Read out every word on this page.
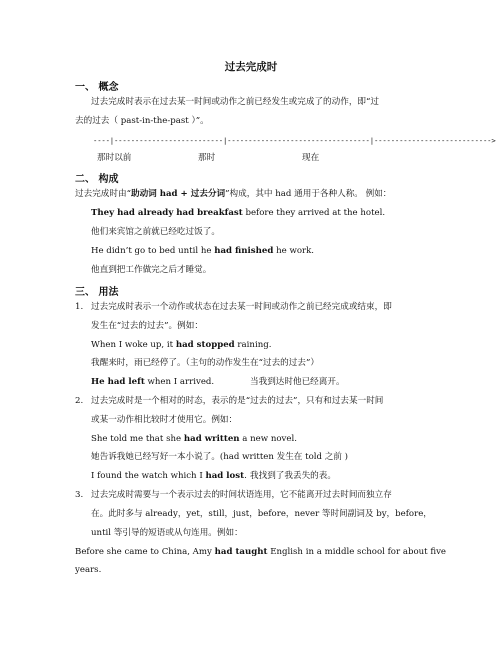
过去完成时
一、 概念
过去完成时表示在过去某一时间或动作之前已经发生或完成了的动作，即“过
去的过去（ past-in-the-past ）”。
----|--------------------------|----------------------------------|---------------------------->
那时以前	那时	现在
二、 构成
过去完成时由“助动词 had + 过去分词”构成，其中 had 通用于各种人称。 例如：
They had already had breakfast before they arrived at the hotel.
他们来宾馆之前就已经吃过饭了。
He didn’t go to bed until he had finished he work.
他直到把工作做完之后才睡觉。
三、 用法
1. 过去完成时表示一个动作或状态在过去某一时间或动作之前已经完成或结束，即
发生在“过去的过去”。例如：
When I woke up, it had stopped raining.
我醒来时，雨已经停了。（主句的动作发生在“过去的过去”）
He had left when I arrived.	当我到达时他已经离开。
2. 过去完成时是一个相对的时态，表示的是“过去的过去”，只有和过去某一时间
或某一动作相比较时才使用它。例如：
She told me that she had written a new novel.
她告诉我她已经写好一本小说了。(had written 发生在 told 之前 )
I found the watch which I had lost. 我找到了我丢失的表。
3. 过去完成时需要与一个表示过去的时间状语连用，它不能离开过去时间而独立存
在。此时多与 already，yet，still，just，before，never 等时间副词及 by，before，
until 等引导的短语或从句连用。例如：
Before she came to China, Amy had taught English in a middle school for about five
years.
